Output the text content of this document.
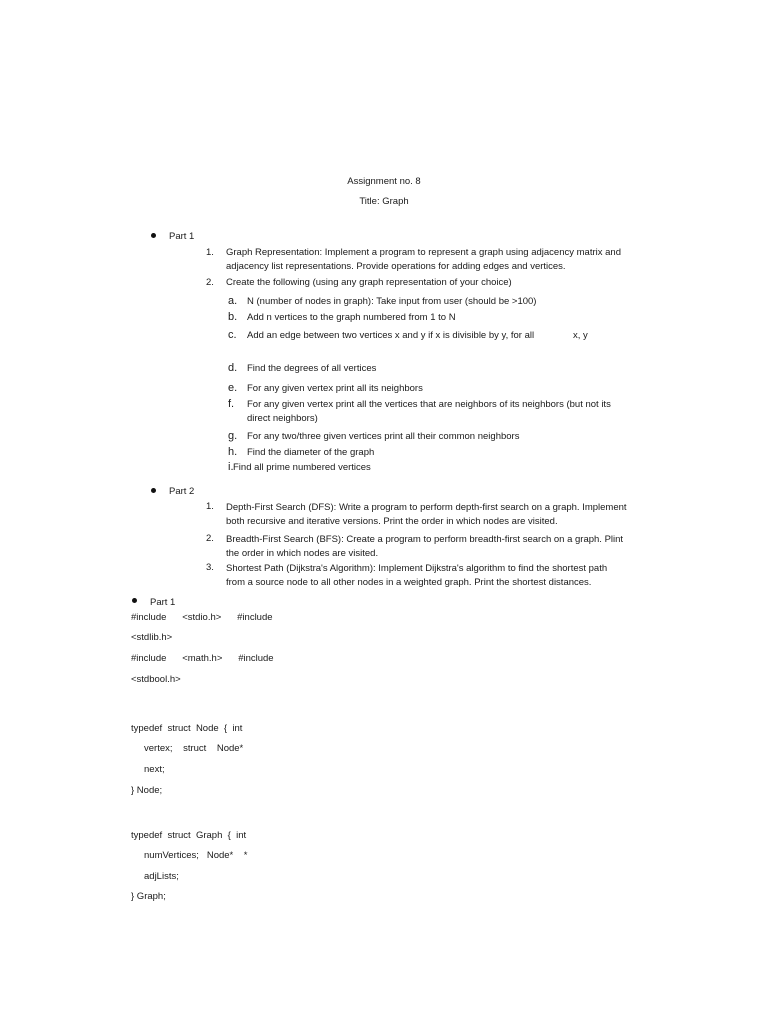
Assignment no. 8
Title: Graph
Part 1
1.	Graph Representation: Implement a program to represent a graph using adjacency matrix and
adjacency list representations. Provide operations for adding edges and vertices.
2.	Create the following (using any graph representation of your choice)
a. N (number of nodes in graph): Take input from user (should be >100)
b. Add n vertices to the graph numbered from 1 to N
c. Add an edge between two vertices x and y if x is divisible by y, for all	x, y
d. Find the degrees of all vertices
e. For any given vertex print all its neighbors
f. For any given vertex print all the vertices that are neighbors of its neighbors (but not its
direct neighbors)
g. For any two/three given vertices print all their common neighbors
h. Find the diameter of the graph
i. Find all prime numbered vertices
Part 2
1.	Depth-First Search (DFS): Write a program to perform depth-first search on a graph. Implement
both recursive and iterative versions. Print the order in which nodes are visited.
2.	Breadth-First Search (BFS): Create a program to perform breadth-first search on a graph. Plint
the order in which nodes are visited.
3.	Shortest Path (Dijkstra's Algorithm): Implement Dijkstra's algorithm to find the shortest path
from a source node to all other nodes in a weighted graph. Print the shortest distances.
Part 1
#include      <stdio.h>      #include
<stdlib.h>
#include      <math.h>      #include
<stdbool.h>
typedef  struct  Node  {  int
vertex;    struct    Node*
next;
} Node;
typedef  struct  Graph  {  int
numVertices;   Node*    *
adjLists;
} Graph;
